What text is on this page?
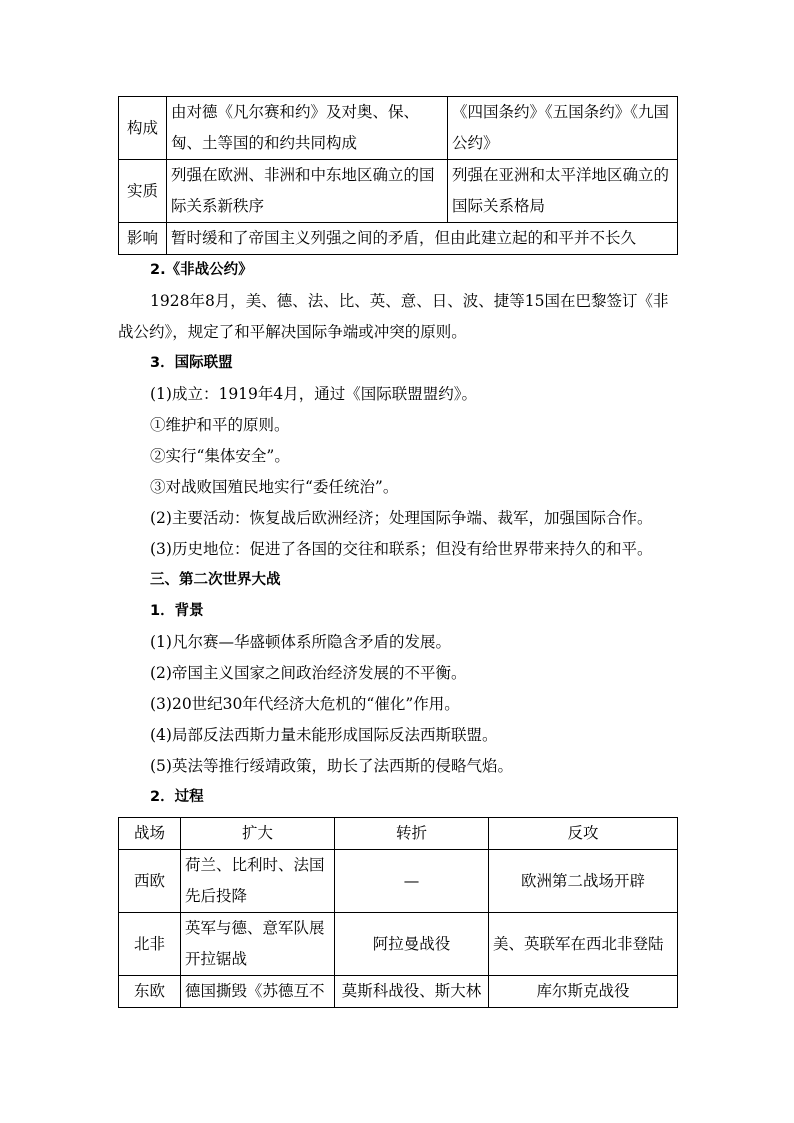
构成	由对德《凡尔赛和约》及对奥、保、匈、土等国的和约共同构成	《四国条约》《五国条约》《九国公约》
实质	列强在欧洲、非洲和中东地区确立的国际关系新秩序	列强在亚洲和太平洋地区确立的国际关系格局
影响	暂时缓和了帝国主义列强之间的矛盾，但由此建立起的和平并不长久	

2.《非战公约》

1928年8月，美、德、法、比、英、意、日、波、捷等15国在巴黎签订《非战公约》，规定了和平解决国际争端或冲突的原则。

3．国际联盟

(1)成立：1919年4月，通过《国际联盟盟约》。

①维护和平的原则。

②实行“集体安全”。

③对战败国殖民地实行“委任统治”。

(2)主要活动：恢复战后欧洲经济；处理国际争端、裁军，加强国际合作。

(3)历史地位：促进了各国的交往和联系；但没有给世界带来持久的和平。

三、第二次世界大战

1．背景

(1)凡尔赛—华盛顿体系所隐含矛盾的发展。

(2)帝国主义国家之间政治经济发展的不平衡。

(3)20世纪30年代经济大危机的“催化”作用。

(4)局部反法西斯力量未能形成国际反法西斯联盟。

(5)英法等推行绥靖政策，助长了法西斯的侵略气焰。

2．过程

战场	扩大	转折	反攻
西欧	荷兰、比利时、法国先后投降	—	欧洲第二战场开辟
北非	英军与德、意军队展开拉锯战	阿拉曼战役	美、英联军在西北非登陆
东欧	德国撕毁《苏德互不	莫斯科战役、斯大林	库尔斯克战役
